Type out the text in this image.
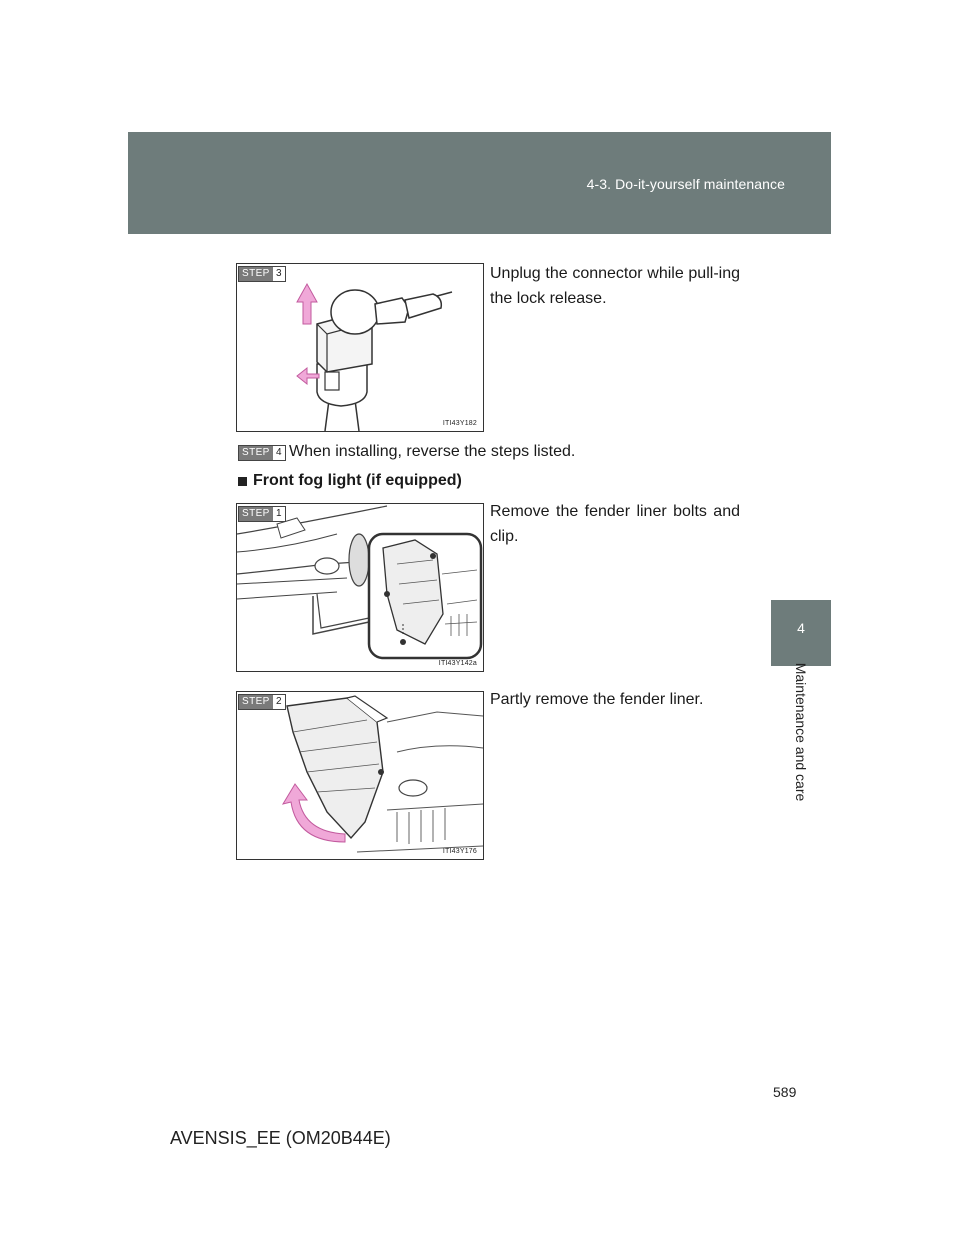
4-3. Do-it-yourself maintenance
4
Maintenance and care
ITI43Y182
STEP 3	Unplug the connector while pull-ing the lock release.
STEP 4 When installing, reverse the steps listed.
Front fog light (if equipped)
ITI43Y142a
STEP 1	Remove the fender liner bolts and clip.
ITI43Y176
STEP 2	Partly remove the fender liner.
589
AVENSIS_EE (OM20B44E)
